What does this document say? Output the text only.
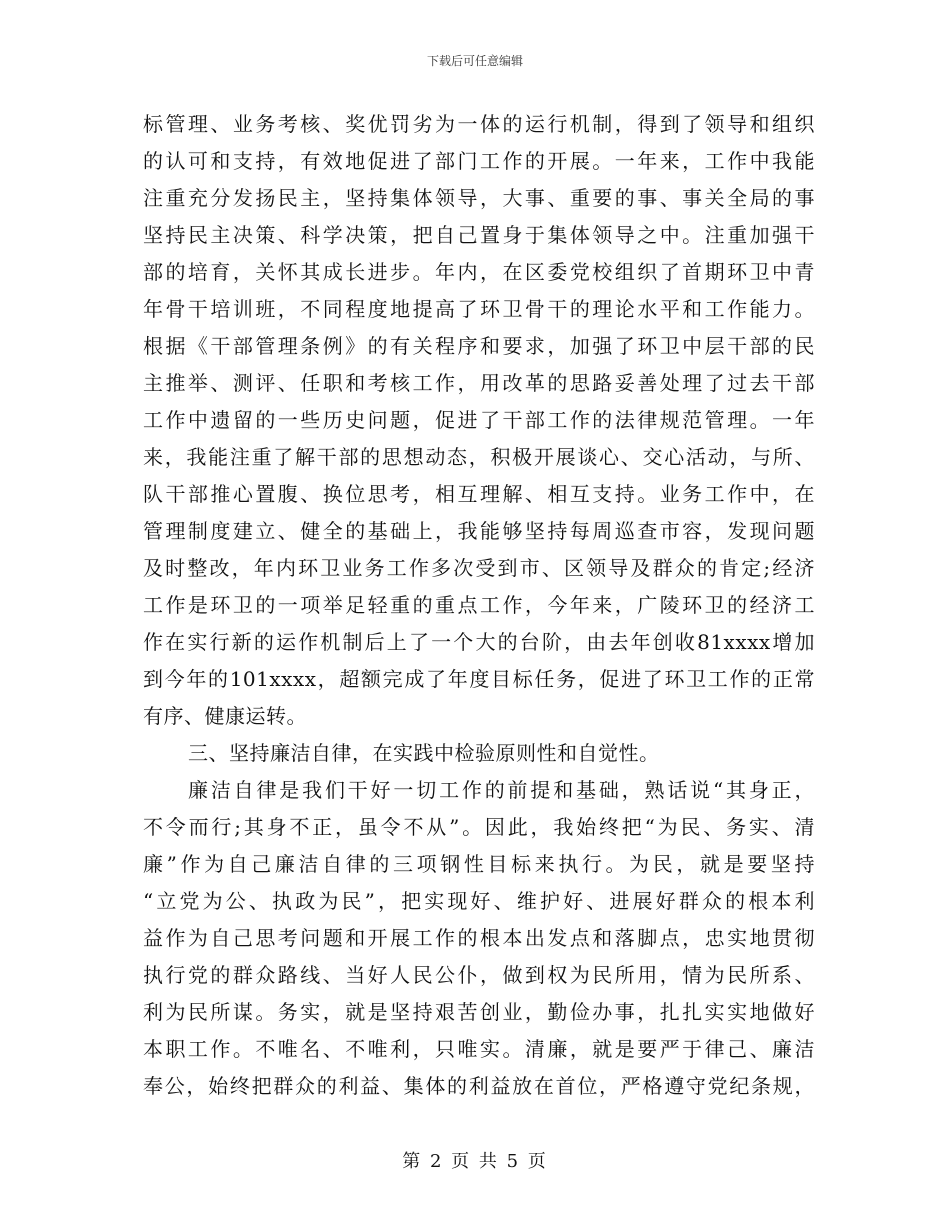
下载后可任意编辑
标管理、业务考核、奖优罚劣为一体的运行机制，得到了领导和组织
的认可和支持，有效地促进了部门工作的开展。一年来，工作中我能
注重充分发扬民主，坚持集体领导，大事、重要的事、事关全局的事
坚持民主决策、科学决策，把自己置身于集体领导之中。注重加强干
部的培育，关怀其成长进步。年内，在区委党校组织了首期环卫中青
年骨干培训班，不同程度地提高了环卫骨干的理论水平和工作能力。
根据《干部管理条例》的有关程序和要求，加强了环卫中层干部的民
主推举、测评、任职和考核工作，用改革的思路妥善处理了过去干部
工作中遗留的一些历史问题，促进了干部工作的法律规范管理。一年
来，我能注重了解干部的思想动态，积极开展谈心、交心活动，与所、
队干部推心置腹、换位思考，相互理解、相互支持。业务工作中，在
管理制度建立、健全的基础上，我能够坚持每周巡查市容，发现问题
及时整改，年内环卫业务工作多次受到市、区领导及群众的肯定;经济
工作是环卫的一项举足轻重的重点工作，今年来，广陵环卫的经济工
作在实行新的运作机制后上了一个大的台阶，由去年创收81xxxx增加
到今年的101xxxx，超额完成了年度目标任务，促进了环卫工作的正常
有序、健康运转。
三、坚持廉洁自律，在实践中检验原则性和自觉性。
廉洁自律是我们干好一切工作的前提和基础，熟话说“其身正，
不令而行;其身不正，虽令不从”。因此，我始终把“为民、务实、清
廉”作为自己廉洁自律的三项钢性目标来执行。为民，就是要坚持
“立党为公、执政为民”，把实现好、维护好、进展好群众的根本利
益作为自己思考问题和开展工作的根本出发点和落脚点，忠实地贯彻
执行党的群众路线、当好人民公仆，做到权为民所用，情为民所系、
利为民所谋。务实，就是坚持艰苦创业，勤俭办事，扎扎实实地做好
本职工作。不唯名、不唯利，只唯实。清廉，就是要严于律己、廉洁
奉公，始终把群众的利益、集体的利益放在首位，严格遵守党纪条规，
第 2 页 共 5 页
